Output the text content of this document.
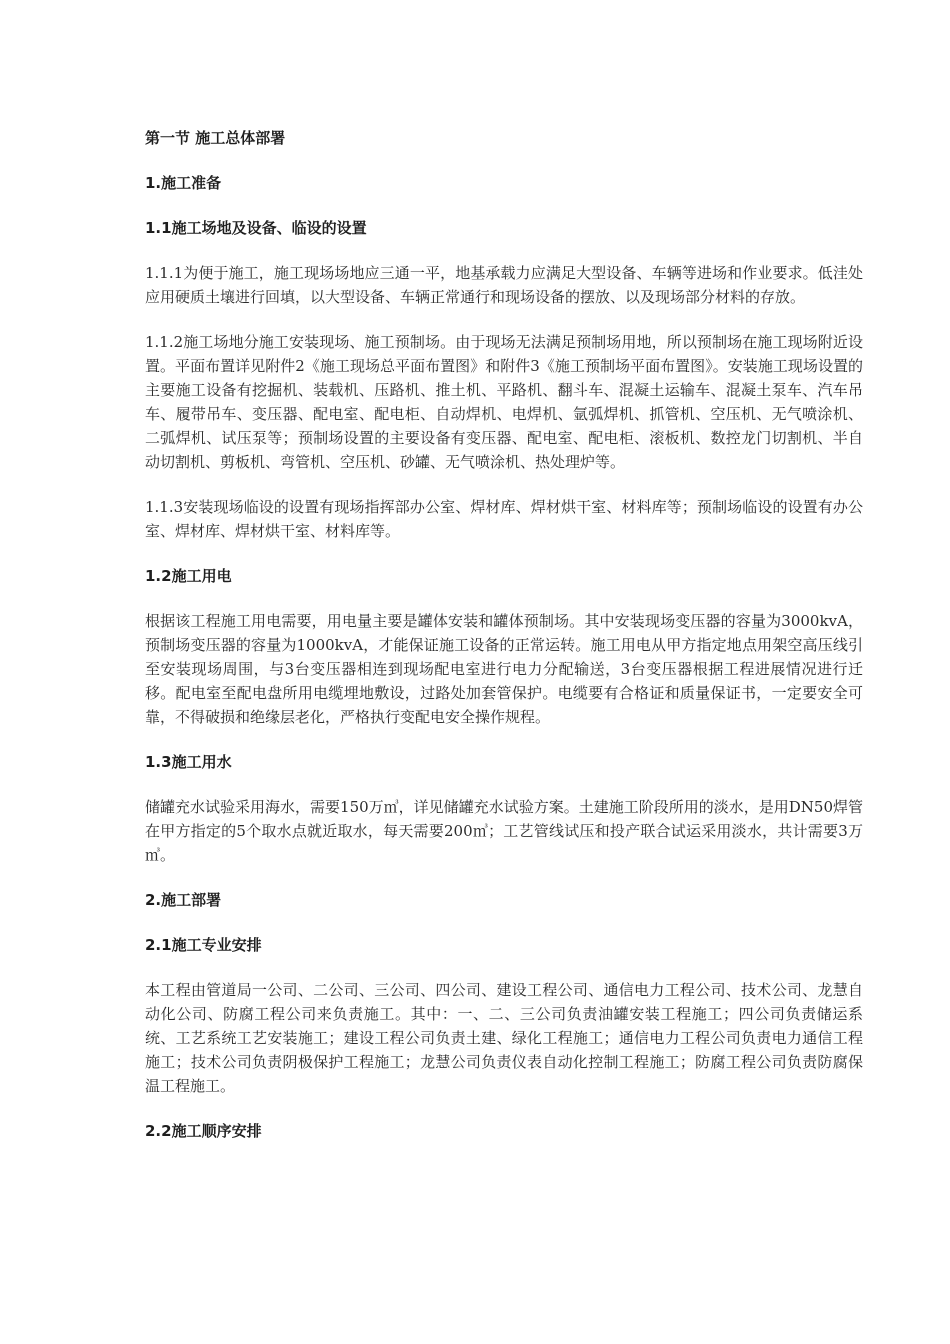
第一节 施工总体部署
1.施工准备
1.1施工场地及设备、临设的设置
1.1.1为便于施工，施工现场场地应三通一平，地基承载力应满足大型设备、车辆等进场和作业要求。低洼处应用硬质土壤进行回填，以大型设备、车辆正常通行和现场设备的摆放、以及现场部分材料的存放。
1.1.2施工场地分施工安装现场、施工预制场。由于现场无法满足预制场用地，所以预制场在施工现场附近设置。平面布置详见附件2《施工现场总平面布置图》和附件3《施工预制场平面布置图》。安装施工现场设置的主要施工设备有挖掘机、装载机、压路机、推土机、平路机、翻斗车、混凝土运输车、混凝土泵车、汽车吊车、履带吊车、变压器、配电室、配电柜、自动焊机、电焊机、氩弧焊机、抓管机、空压机、无气喷涂机、二弧焊机、试压泵等；预制场设置的主要设备有变压器、配电室、配电柜、滚板机、数控龙门切割机、半自动切割机、剪板机、弯管机、空压机、砂罐、无气喷涂机、热处理炉等。
1.1.3安装现场临设的设置有现场指挥部办公室、焊材库、焊材烘干室、材料库等；预制场临设的设置有办公室、焊材库、焊材烘干室、材料库等。
1.2施工用电
根据该工程施工用电需要，用电量主要是罐体安装和罐体预制场。其中安装现场变压器的容量为3000kvA，预制场变压器的容量为1000kvA，才能保证施工设备的正常运转。施工用电从甲方指定地点用架空高压线引至安装现场周围，与3台变压器相连到现场配电室进行电力分配输送，3台变压器根据工程进展情况进行迁移。配电室至配电盘所用电缆埋地敷设，过路处加套管保护。电缆要有合格证和质量保证书，一定要安全可靠，不得破损和绝缘层老化，严格执行变配电安全操作规程。
1.3施工用水
储罐充水试验采用海水，需要150万㎥，详见储罐充水试验方案。土建施工阶段所用的淡水，是用DN50焊管在甲方指定的5个取水点就近取水，每天需要200㎥；工艺管线试压和投产联合试运采用淡水，共计需要3万㎥。
2.施工部署
2.1施工专业安排
本工程由管道局一公司、二公司、三公司、四公司、建设工程公司、通信电力工程公司、技术公司、龙慧自动化公司、防腐工程公司来负责施工。其中：一、二、三公司负责油罐安装工程施工；四公司负责储运系统、工艺系统工艺安装施工；建设工程公司负责土建、绿化工程施工；通信电力工程公司负责电力通信工程施工；技术公司负责阴极保护工程施工；龙慧公司负责仪表自动化控制工程施工；防腐工程公司负责防腐保温工程施工。
2.2施工顺序安排
